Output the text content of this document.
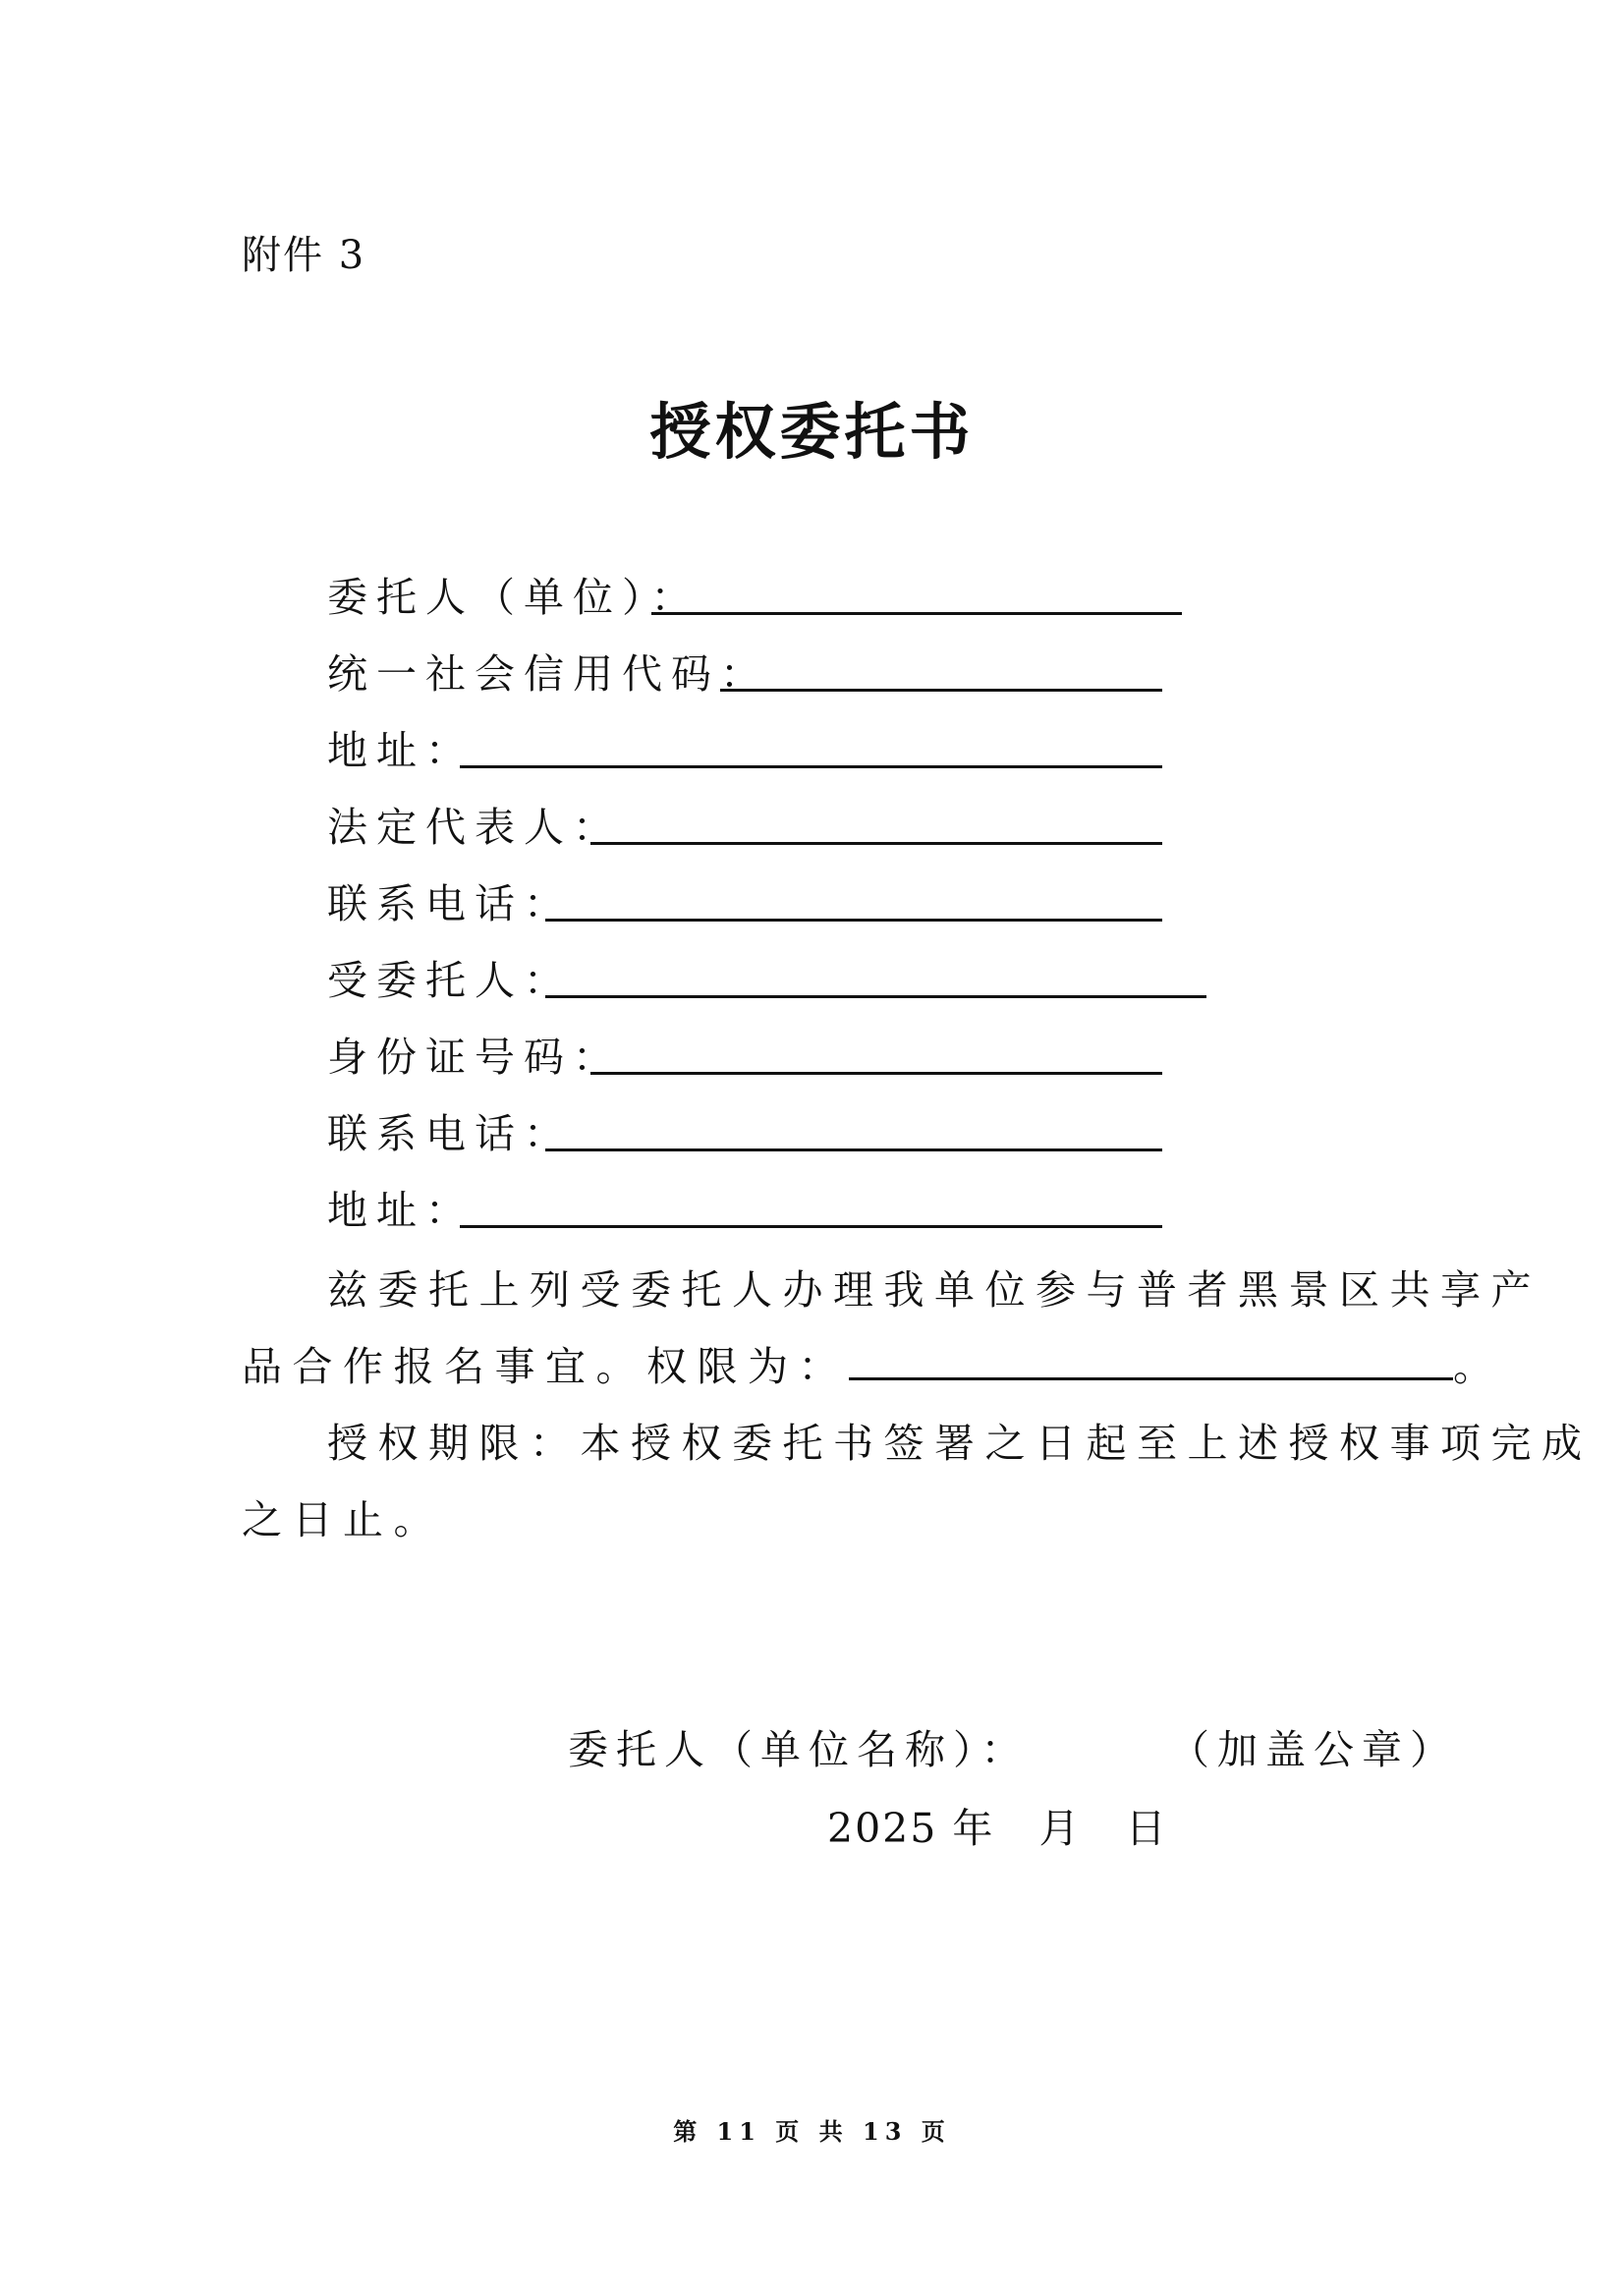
附件 3
授权委托书
委托人（单位）：
统一社会信用代码：
地址：
法定代表人：
联系电话：
受委托人：
身份证号码：
联系电话：
地址：
兹委托上列受委托人办理我单位参与普者黑景区共享产
品合作报名事宜。权限为：	。
授权期限：本授权委托书签署之日起至上述授权事项完成
之日止。
委托人（单位名称）：	（加盖公章）
2025 年 月 日
第 11 页 共 13 页
